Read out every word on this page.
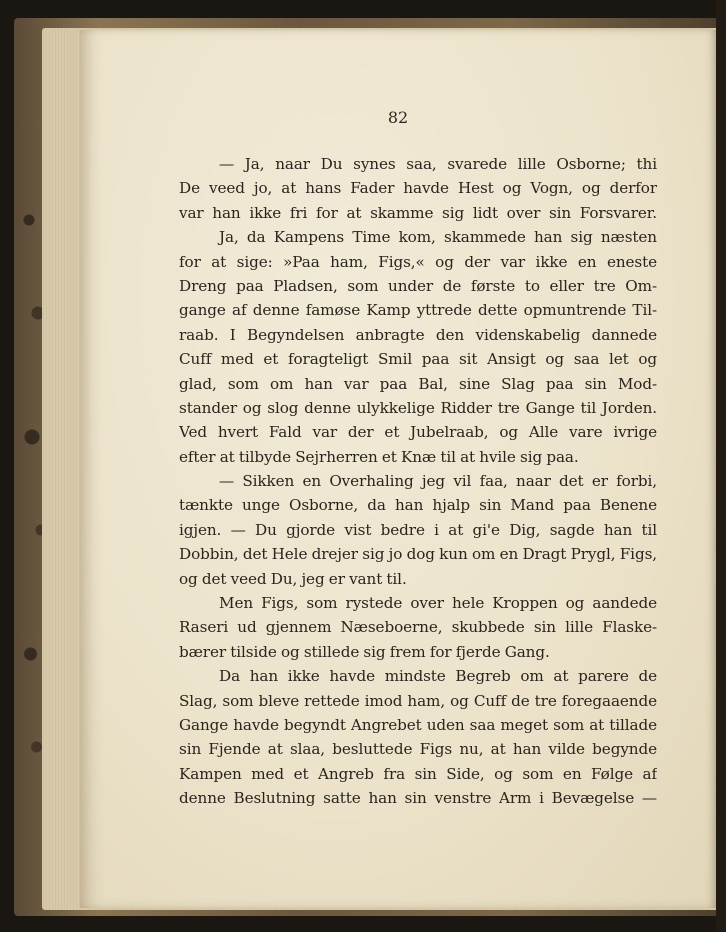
82
— Ja, naar Du synes saa, svarede lille Osborne; thi
De veed jo, at hans Fader havde Hest og Vogn, og derfor
var han ikke fri for at skamme sig lidt over sin Forsvarer.
Ja, da Kampens Time kom, skammede han sig næsten
for at sige: »Paa ham, Figs,« og der var ikke en eneste
Dreng paa Pladsen, som under de første to eller tre Om-
gange af denne famøse Kamp yttrede dette opmuntrende Til-
raab. I Begyndelsen anbragte den videnskabelig dannede
Cuff med et foragteligt Smil paa sit Ansigt og saa let og
glad, som om han var paa Bal, sine Slag paa sin Mod-
stander og slog denne ulykkelige Ridder tre Gange til Jorden.
Ved hvert Fald var der et Jubelraab, og Alle vare ivrige
efter at tilbyde Sejrherren et Knæ til at hvile sig paa.
— Sikken en Overhaling jeg vil faa, naar det er forbi,
tænkte unge Osborne, da han hjalp sin Mand paa Benene
igjen. — Du gjorde vist bedre i at gi'e Dig, sagde han til
Dobbin, det Hele drejer sig jo dog kun om en Dragt Prygl, Figs,
og det veed Du, jeg er vant til.
Men Figs, som rystede over hele Kroppen og aandede
Raseri ud gjennem Næseboerne, skubbede sin lille Flaske-
bærer tilside og stillede sig frem for fjerde Gang.
Da han ikke havde mindste Begreb om at parere de
Slag, som bleve rettede imod ham, og Cuff de tre foregaaende
Gange havde begyndt Angrebet uden saa meget som at tillade
sin Fjende at slaa, besluttede Figs nu, at han vilde begynde
Kampen med et Angreb fra sin Side, og som en Følge af
denne Beslutning satte han sin venstre Arm i Bevægelse —
